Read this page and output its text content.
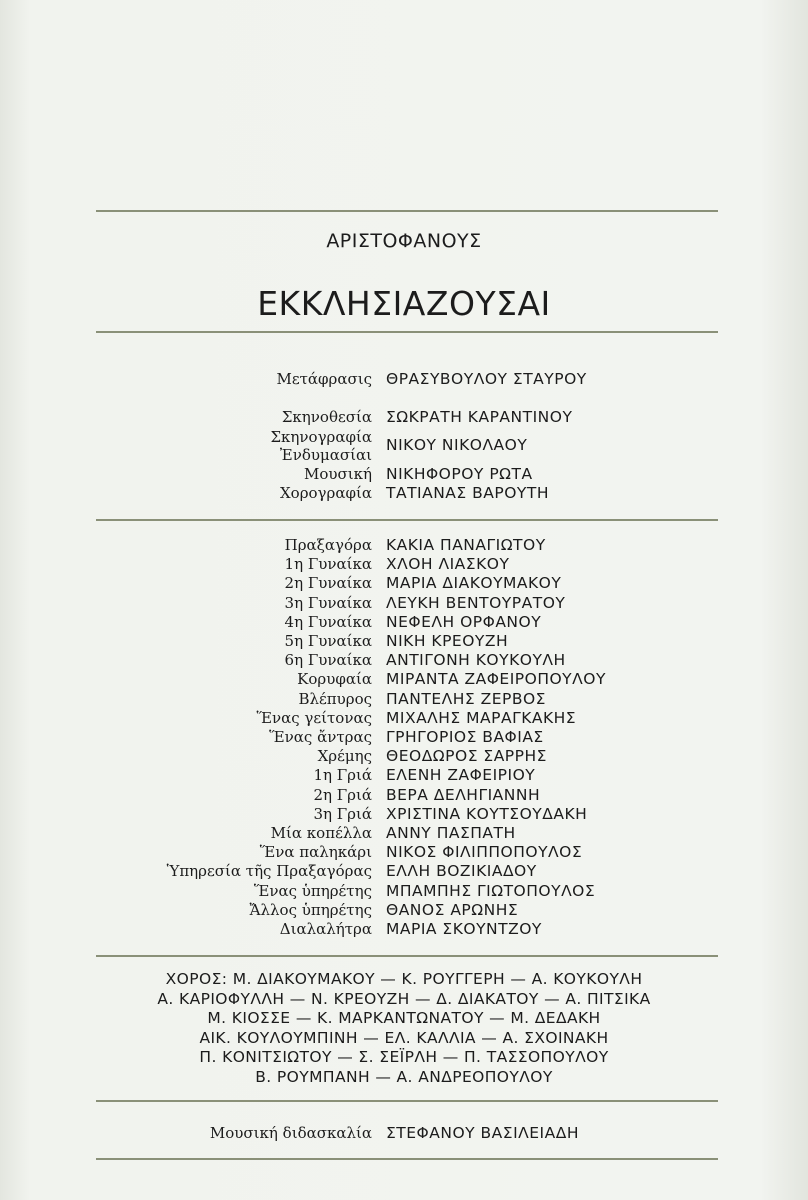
ΑΡΙΣΤΟΦΑΝΟΥΣ
ΕΚΚΛΗΣΙΑΖΟΥΣΑΙ
Μετάφρασις ΘΡΑΣΥΒΟΥΛΟΥ ΣΤΑΥΡΟΥ
Σκηνοθεσία ΣΩΚΡΑΤΗ ΚΑΡΑΝΤΙΝΟΥ
Σκηνογραφία
Ἐνδυμασίαι
ΝΙΚΟΥ ΝΙΚΟΛΑΟΥ
Μουσική ΝΙΚΗΦΟΡΟΥ ΡΩΤΑ
Χορογραφία ΤΑΤΙΑΝΑΣ ΒΑΡΟΥΤΗ
Πραξαγόρα ΚΑΚΙΑ ΠΑΝΑΓΙΩΤΟΥ
1η Γυναίκα ΧΛΟΗ ΛΙΑΣΚΟΥ
2η Γυναίκα ΜΑΡΙΑ ΔΙΑΚΟΥΜΑΚΟΥ
3η Γυναίκα ΛΕΥΚΗ ΒΕΝΤΟΥΡΑΤΟΥ
4η Γυναίκα ΝΕΦΕΛΗ ΟΡΦΑΝΟΥ
5η Γυναίκα ΝΙΚΗ ΚΡΕΟΥΖΗ
6η Γυναίκα ΑΝΤΙΓΟΝΗ ΚΟΥΚΟΥΛΗ
Κορυφαία ΜΙΡΑΝΤΑ ΖΑΦΕΙΡΟΠΟΥΛΟΥ
Βλέπυρος ΠΑΝΤΕΛΗΣ ΖΕΡΒΟΣ
Ἕνας γείτονας ΜΙΧΑΛΗΣ ΜΑΡΑΓΚΑΚΗΣ
Ἕνας ἄντρας ΓΡΗΓΟΡΙΟΣ ΒΑΦΙΑΣ
Χρέμης ΘΕΟΔΩΡΟΣ ΣΑΡΡΗΣ
1η Γριά ΕΛΕΝΗ ΖΑΦΕΙΡΙΟΥ
2η Γριά ΒΕΡΑ ΔΕΛΗΓΙΑΝΝΗ
3η Γριά ΧΡΙΣΤΙΝΑ ΚΟΥΤΣΟΥΔΑΚΗ
Μία κοπέλλα ΑΝΝΥ ΠΑΣΠΑΤΗ
Ἕνα παληκάρι ΝΙΚΟΣ ΦΙΛΙΠΠΟΠΟΥΛΟΣ
Ὑπηρεσία τῆς Πραξαγόρας ΕΛΛΗ ΒΟΖΙΚΙΑΔΟΥ
Ἕνας ὑπηρέτης ΜΠΑΜΠΗΣ ΓΙΩΤΟΠΟΥΛΟΣ
Ἄλλος ὑπηρέτης ΘΑΝΟΣ ΑΡΩΝΗΣ
Διαλαλήτρα ΜΑΡΙΑ ΣΚΟΥΝΤΖΟΥ
ΧΟΡΟΣ: Μ. ΔΙΑΚΟΥΜΑΚΟΥ — Κ. ΡΟΥΓΓΕΡΗ — Α. ΚΟΥΚΟΥΛΗ
Α. ΚΑΡΙΟΦΥΛΛΗ — Ν. ΚΡΕΟΥΖΗ — Δ. ΔΙΑΚΑΤΟΥ — Α. ΠΙΤΣΙΚΑ
Μ. ΚΙΟΣΣΕ — Κ. ΜΑΡΚΑΝΤΩΝΑΤΟΥ — Μ. ΔΕΔΑΚΗ
ΑΙΚ. ΚΟΥΛΟΥΜΠΙΝΗ — ΕΛ. ΚΑΛΛΙΑ — Α. ΣΧΟΙΝΑΚΗ
Π. ΚΟΝΙΤΣΙΩΤΟΥ — Σ. ΣΕΪΡΛΗ — Π. ΤΑΣΣΟΠΟΥΛΟΥ
Β. ΡΟΥΜΠΑΝΗ — Α. ΑΝΔΡΕΟΠΟΥΛΟΥ
Μουσική διδασκαλία ΣΤΕΦΑΝΟΥ ΒΑΣΙΛΕΙΑΔΗ
